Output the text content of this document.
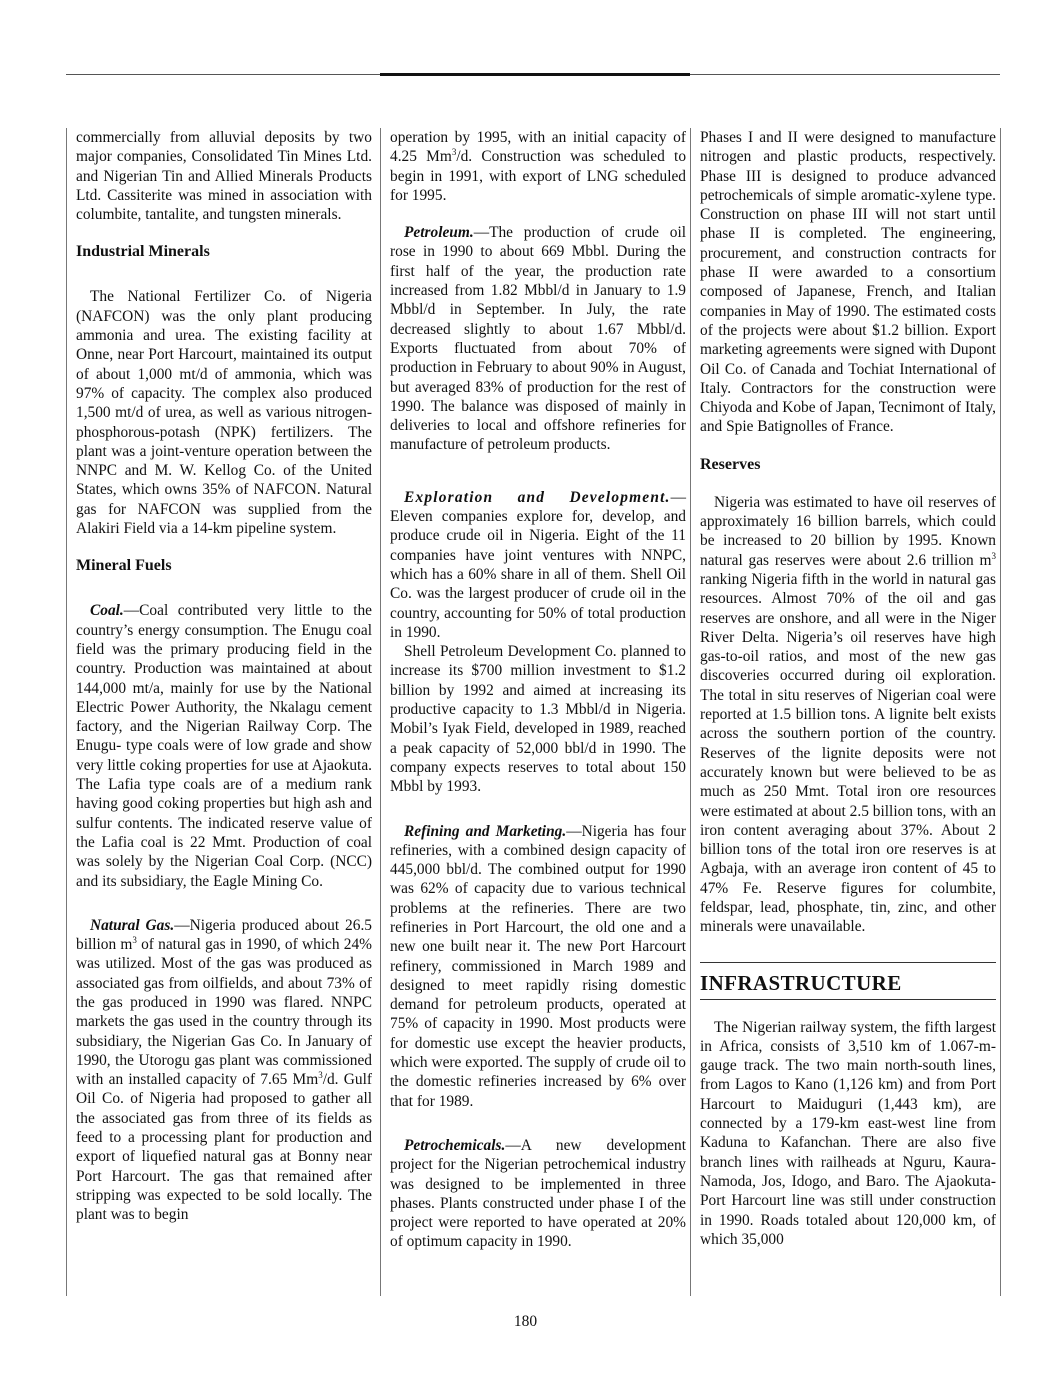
commercially from alluvial deposits by two major companies, Consolidated Tin Mines Ltd. and Nigerian Tin and Allied Minerals Products Ltd. Cassiterite was mined in association with columbite, tantalite, and tungsten minerals.

Industrial Minerals

The National Fertilizer Co. of Nigeria (NAFCON) was the only plant producing ammonia and urea. The existing facility at Onne, near Port Harcourt, maintained its output of about 1,000 mt/d of ammonia, which was 97% of capacity. The complex also produced 1,500 mt/d of urea, as well as various nitrogen-phosphorous-potash (NPK) fertilizers. The plant was a joint-venture operation between the NNPC and M. W. Kellog Co. of the United States, which owns 35% of NAFCON. Natural gas for NAFCON was supplied from the Alakiri Field via a 14-km pipeline system.

Mineral Fuels

Coal.—Coal contributed very little to the country’s energy consumption. The Enugu coal field was the primary producing field in the country. Production was maintained at about 144,000 mt/a, mainly for use by the National Electric Power Authority, the Nkalagu cement factory, and the Nigerian Railway Corp. The Enugu- type coals were of low grade and show very little coking properties for use at Ajaokuta. The Lafia type coals are of a medium rank having good coking properties but high ash and sulfur contents. The indicated reserve value of the Lafia coal is 22 Mmt. Production of coal was solely by the Nigerian Coal Corp. (NCC) and its subsidiary, the Eagle Mining Co.

Natural Gas.—Nigeria produced about 26.5 billion $m^3$ of natural gas in 1990, of which 24% was utilized. Most of the gas was produced as associated gas from oilfields, and about 73% of the gas produced in 1990 was flared. NNPC markets the gas used in the country through its subsidiary, the Nigerian Gas Co. In January of 1990, the Utorogu gas plant was commissioned with an installed capacity of 7.65 Mm$^3$/d. Gulf Oil Co. of Nigeria had proposed to gather all the associated gas from three of its fields as feed to a processing plant for production and export of liquefied natural gas at Bonny near Port Harcourt. The gas that remained after stripping was expected to be sold locally. The plant was to begin

operation by 1995, with an initial capacity of 4.25 Mm$^3$/d. Construction was scheduled to begin in 1991, with export of LNG scheduled for 1995.

Petroleum.—The production of crude oil rose in 1990 to about 669 Mbbl. During the first half of the year, the production rate increased from 1.82 Mbbl/d in January to 1.9 Mbbl/d in September. In July, the rate decreased slightly to about 1.67 Mbbl/d. Exports fluctuated from about 70% of production in February to about 90% in August, but averaged 83% of production for the rest of 1990. The balance was disposed of mainly in deliveries to local and offshore refineries for manufacture of petroleum products.

Exploration and Development.— Eleven companies explore for, develop, and produce crude oil in Nigeria. Eight of the 11 companies have joint ventures with NNPC, which has a 60% share in all of them. Shell Oil Co. was the largest producer of crude oil in the country, accounting for 50% of total production in 1990.

Shell Petroleum Development Co. planned to increase its $700 million investment to $1.2 billion by 1992 and aimed at increasing its productive capacity to 1.3 Mbbl/d in Nigeria. Mobil’s Iyak Field, developed in 1989, reached a peak capacity of 52,000 bbl/d in 1990. The company expects reserves to total about 150 Mbbl by 1993.

Refining and Marketing.—Nigeria has four refineries, with a combined design capacity of 445,000 bbl/d. The combined output for 1990 was 62% of capacity due to various technical problems at the refineries. There are two refineries in Port Harcourt, the old one and a new one built near it. The new Port Harcourt refinery, commissioned in March 1989 and designed to meet rapidly rising domestic demand for petroleum products, operated at 75% of capacity in 1990. Most products were for domestic use except the heavier products, which were exported. The supply of crude oil to the domestic refineries increased by 6% over that for 1989.

Petrochemicals.—A new development project for the Nigerian petrochemical industry was designed to be implemented in three phases. Plants constructed under phase I of the project were reported to have operated at 20% of optimum capacity in 1990.

Phases I and II were designed to manufacture nitrogen and plastic products, respectively. Phase III is designed to produce advanced petrochemicals of simple aromatic-xylene type. Construction on phase III will not start until phase II is completed. The engineering, procurement, and construction contracts for phase II were awarded to a consortium composed of Japanese, French, and Italian companies in May of 1990. The estimated costs of the projects were about $1.2 billion. Export marketing agreements were signed with Dupont Oil Co. of Canada and Tochiat International of Italy. Contractors for the construction were Chiyoda and Kobe of Japan, Tecnimont of Italy, and Spie Batignolles of France.

Reserves

Nigeria was estimated to have oil reserves of approximately 16 billion barrels, which could be increased to 20 billion by 1995. Known natural gas reserves were about 2.6 trillion $m^3$ ranking Nigeria fifth in the world in natural gas resources. Almost 70% of the oil and gas reserves are onshore, and all were in the Niger River Delta. Nigeria’s oil reserves have high gas-to-oil ratios, and most of the new gas discoveries occurred during oil exploration. The total in situ reserves of Nigerian coal were reported at 1.5 billion tons. A lignite belt exists across the southern portion of the country. Reserves of the lignite deposits were not accurately known but were believed to be as much as 250 Mmt. Total iron ore resources were estimated at about 2.5 billion tons, with an iron content averaging about 37%. About 2 billion tons of the total iron ore reserves is at Agbaja, with an average iron content of 45 to 47% Fe. Reserve figures for columbite, feldspar, lead, phosphate, tin, zinc, and other minerals were unavailable.

INFRASTRUCTURE

The Nigerian railway system, the fifth largest in Africa, consists of 3,510 km of 1.067-m-gauge track. The two main north-south lines, from Lagos to Kano (1,126 km) and from Port Harcourt to Maiduguri (1,443 km), are connected by a 179-km east-west line from Kaduna to Kafanchan. There are also five branch lines with railheads at Nguru, Kaura-Namoda, Jos, Idogo, and Baro. The Ajaokuta-Port Harcourt line was still under construction in 1990. Roads totaled about 120,000 km, of which 35,000

180
